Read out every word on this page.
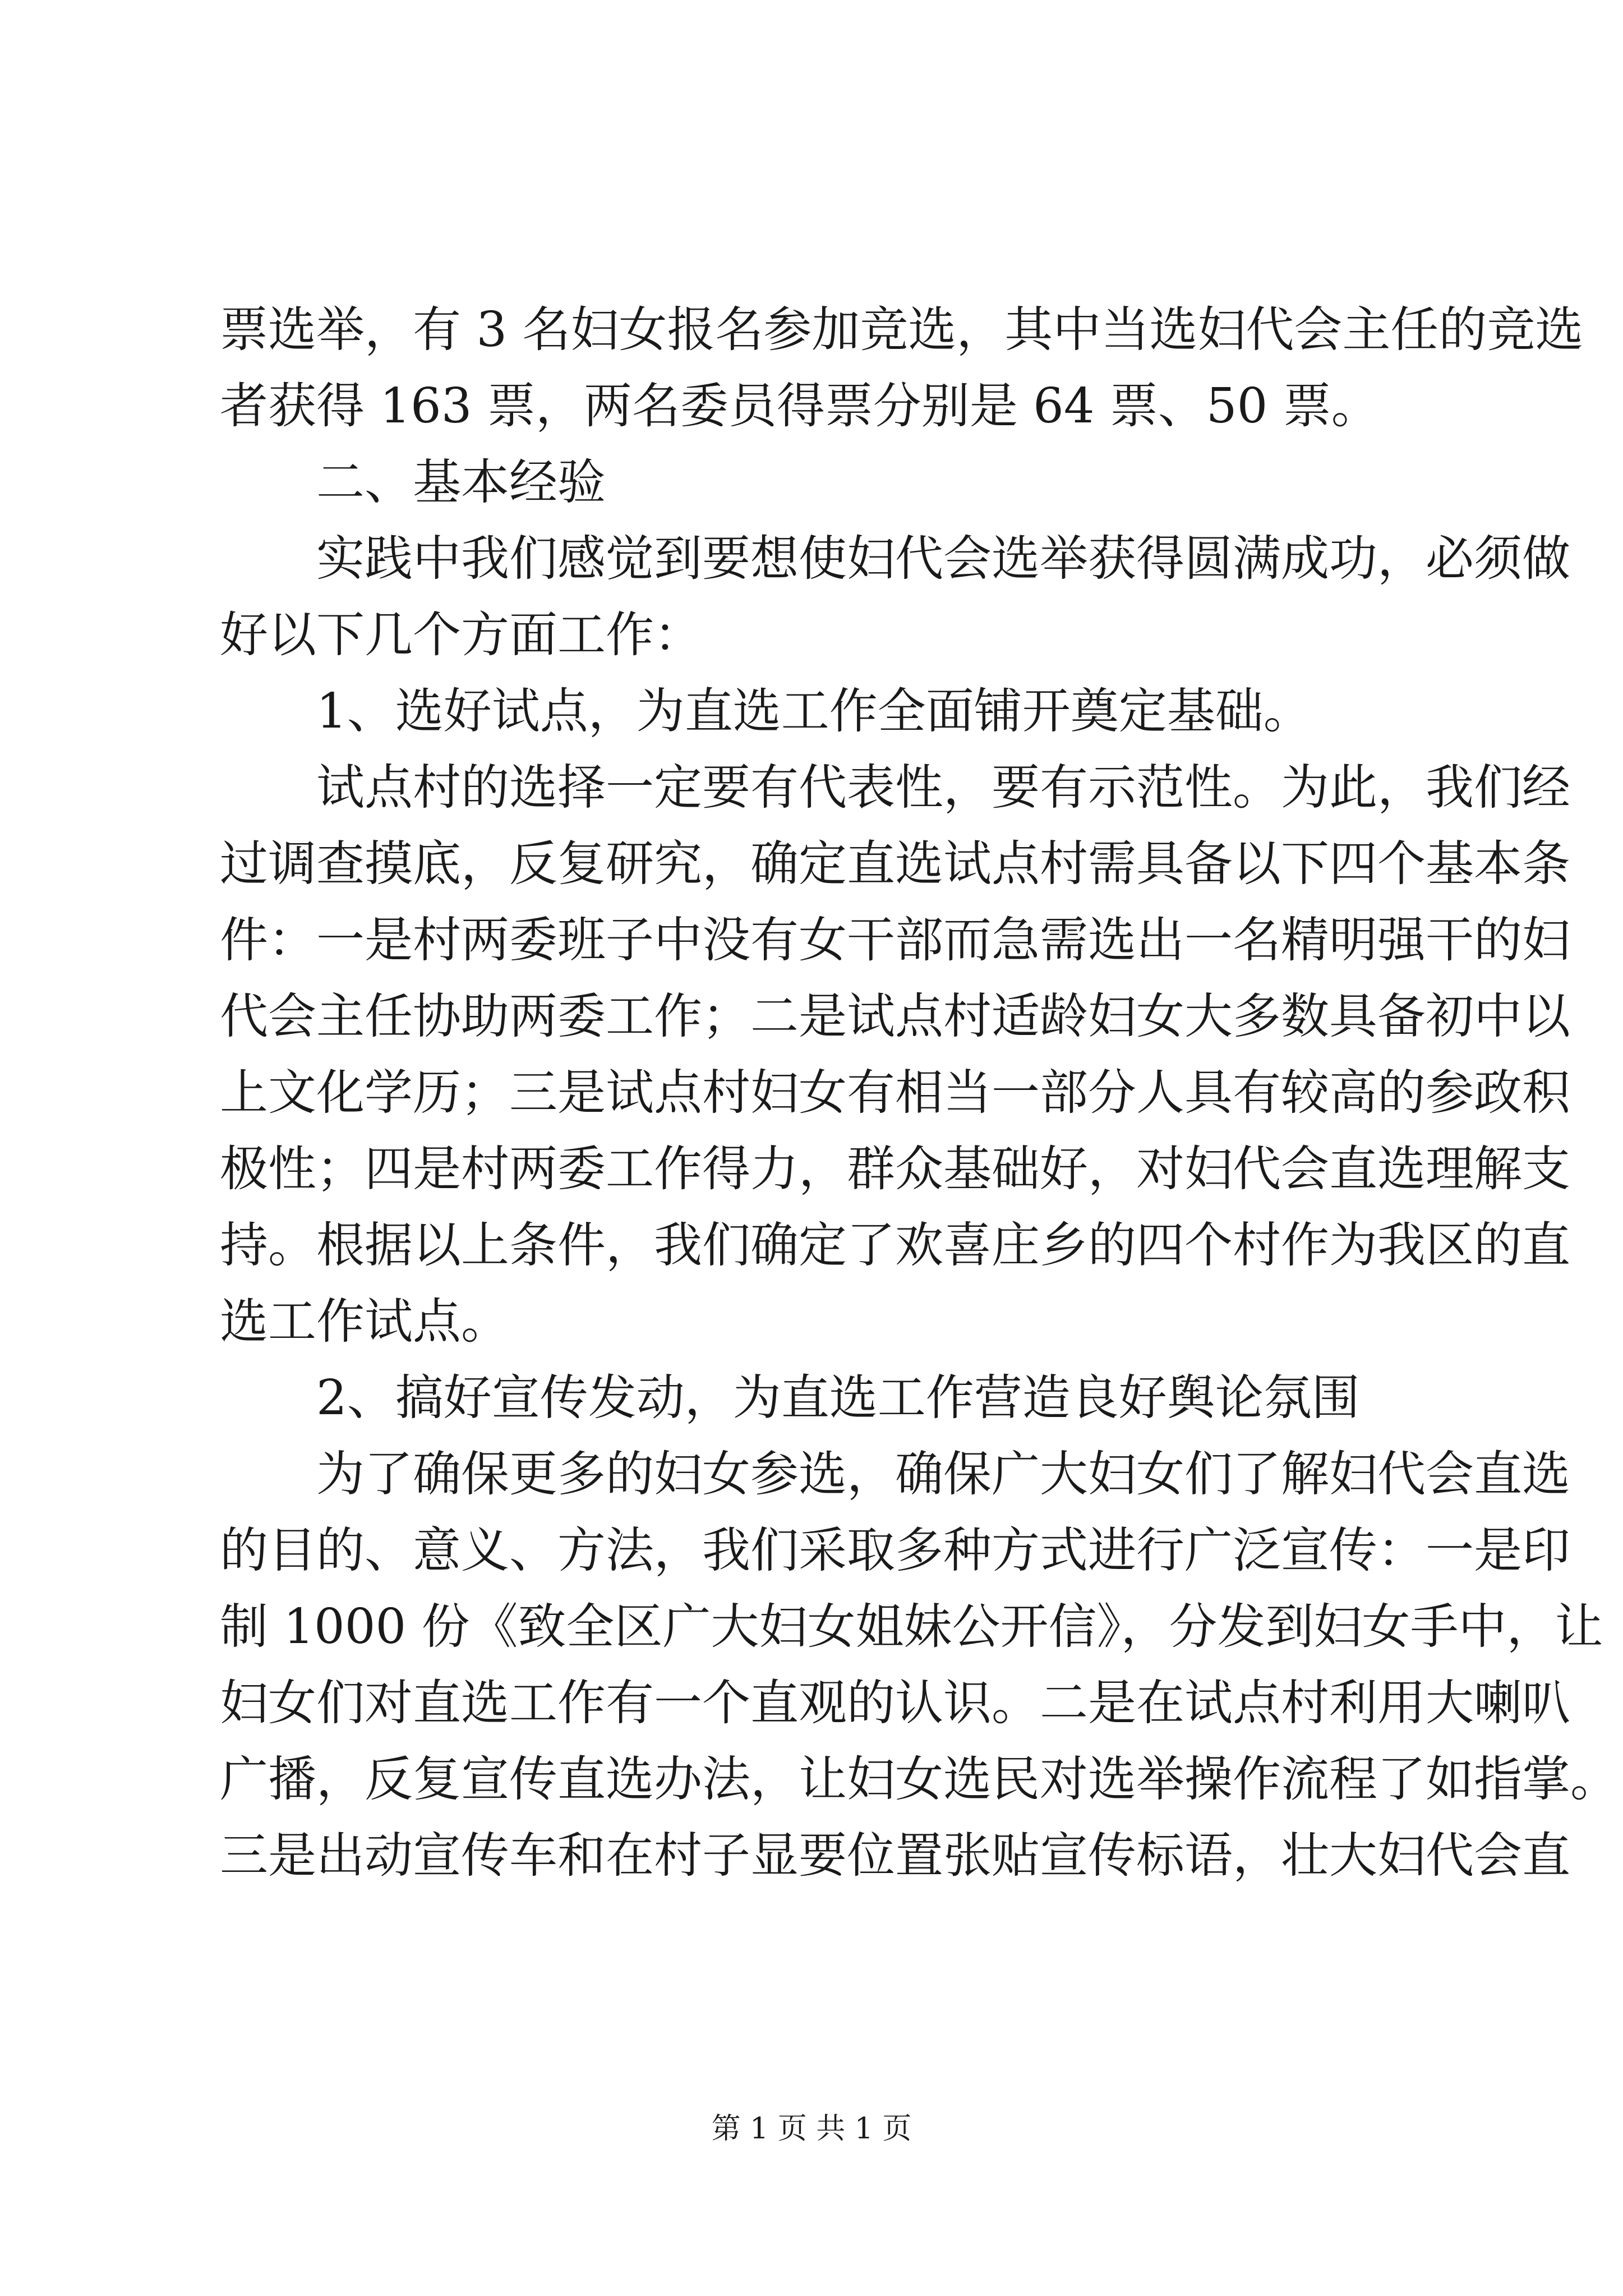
票选举，有 3 名妇女报名参加竞选，其中当选妇代会主任的竞选
者获得 163 票，两名委员得票分别是 64 票、50 票。
二、基本经验
实践中我们感觉到要想使妇代会选举获得圆满成功，必须做
好以下几个方面工作：
1、选好试点，为直选工作全面铺开奠定基础。
试点村的选择一定要有代表性，要有示范性。为此，我们经
过调查摸底，反复研究，确定直选试点村需具备以下四个基本条
件：一是村两委班子中没有女干部而急需选出一名精明强干的妇
代会主任协助两委工作；二是试点村适龄妇女大多数具备初中以
上文化学历；三是试点村妇女有相当一部分人具有较高的参政积
极性；四是村两委工作得力，群众基础好，对妇代会直选理解支
持。根据以上条件，我们确定了欢喜庄乡的四个村作为我区的直
选工作试点。
2、搞好宣传发动，为直选工作营造良好舆论氛围
为了确保更多的妇女参选，确保广大妇女们了解妇代会直选
的目的、意义、方法，我们采取多种方式进行广泛宣传：一是印
制 1000 份《致全区广大妇女姐妹公开信》，分发到妇女手中，让
妇女们对直选工作有一个直观的认识。二是在试点村利用大喇叭
广播，反复宣传直选办法，让妇女选民对选举操作流程了如指掌。
三是出动宣传车和在村子显要位置张贴宣传标语，壮大妇代会直
第 1 页 共 1 页
